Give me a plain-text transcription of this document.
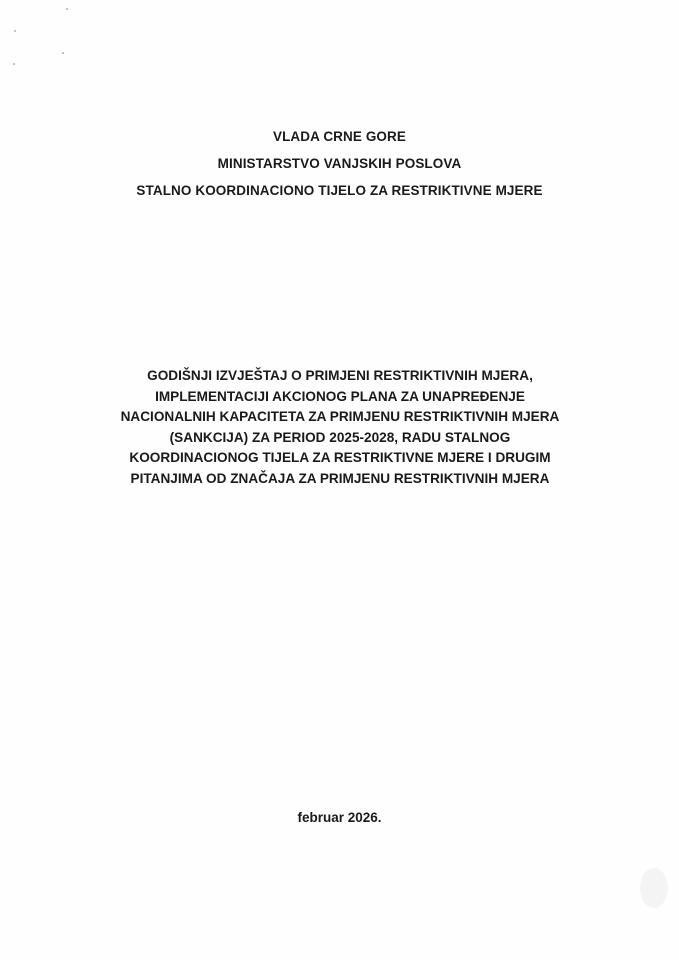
VLADA CRNE GORE

MINISTARSTVO VANJSKIH POSLOVA

STALNO KOORDINACIONO TIJELO ZA RESTRIKTIVNE MJERE

GODIŠNJI IZVJEŠTAJ O PRIMJENI RESTRIKTIVNIH MJERA,

IMPLEMENTACIJI AKCIONOG PLANA ZA UNAPREĐENJE

NACIONALNIH KAPACITETA ZA PRIMJENU RESTRIKTIVNIH MJERA

(SANKCIJA) ZA PERIOD 2025-2028, RADU STALNOG

KOORDINACIONOG TIJELA ZA RESTRIKTIVNE MJERE I DRUGIM

PITANJIMA OD ZNAČAJA ZA PRIMJENU RESTRIKTIVNIH MJERA

februar 2026.
